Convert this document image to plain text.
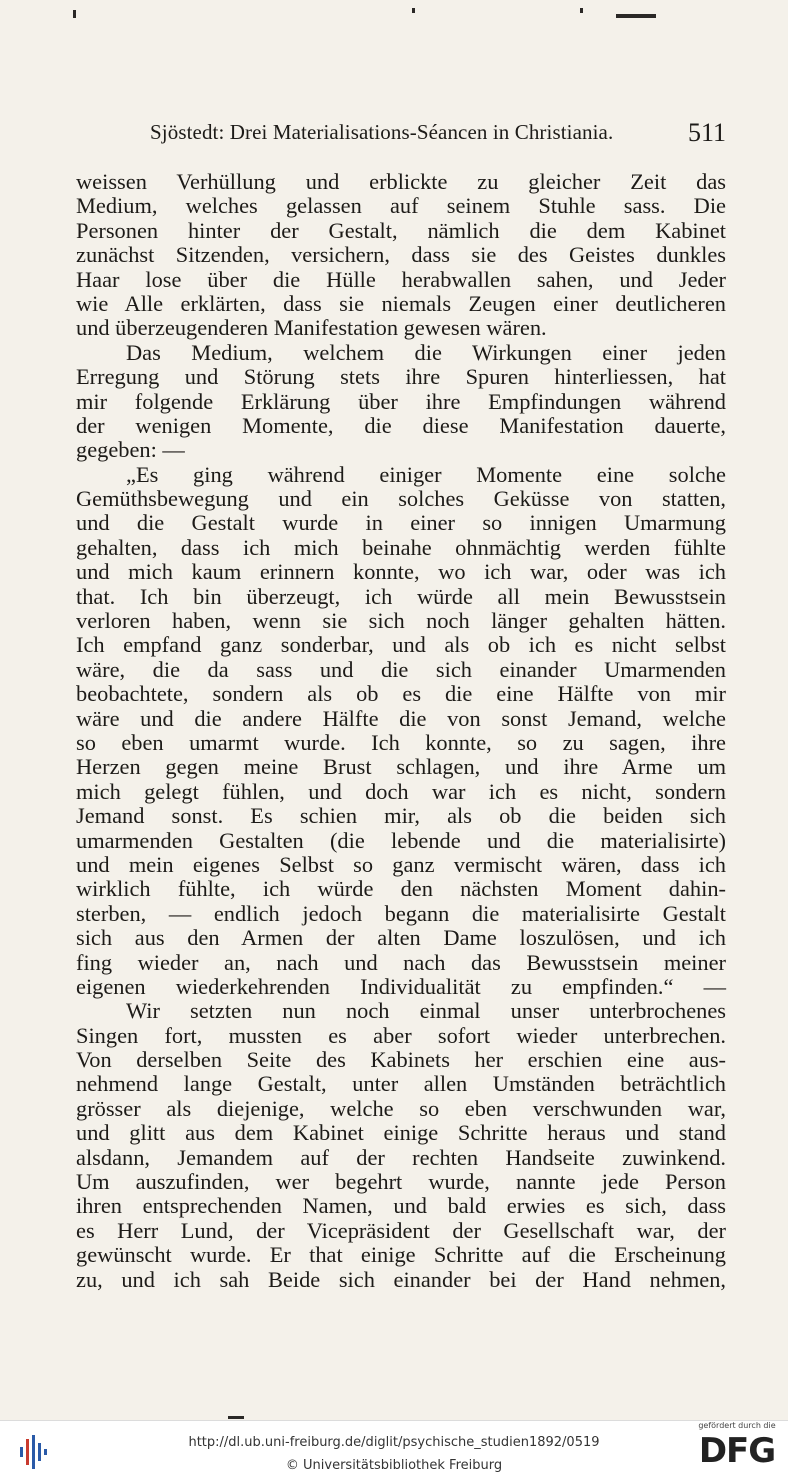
Sjöstedt: Drei Materialisations-Séancen in Christiania.	511
weissen Verhüllung und erblickte zu gleicher Zeit das
Medium, welches gelassen auf seinem Stuhle sass. Die
Personen hinter der Gestalt, nämlich die dem Kabinet
zunächst Sitzenden, versichern, dass sie des Geistes dunkles
Haar lose über die Hülle herabwallen sahen, und Jeder
wie Alle erklärten, dass sie niemals Zeugen einer deutlicheren
und überzeugenderen Manifestation gewesen wären.
Das Medium, welchem die Wirkungen einer jeden
Erregung und Störung stets ihre Spuren hinterliessen, hat
mir folgende Erklärung über ihre Empfindungen während
der wenigen Momente, die diese Manifestation dauerte,
gegeben: —
„Es ging während einiger Momente eine solche
Gemüthsbewegung und ein solches Geküsse von statten,
und die Gestalt wurde in einer so innigen Umarmung
gehalten, dass ich mich beinahe ohnmächtig werden fühlte
und mich kaum erinnern konnte, wo ich war, oder was ich
that. Ich bin überzeugt, ich würde all mein Bewusstsein
verloren haben, wenn sie sich noch länger gehalten hätten.
Ich empfand ganz sonderbar, und als ob ich es nicht selbst
wäre, die da sass und die sich einander Umarmenden
beobachtete, sondern als ob es die eine Hälfte von mir
wäre und die andere Hälfte die von sonst Jemand, welche
so eben umarmt wurde. Ich konnte, so zu sagen, ihre
Herzen gegen meine Brust schlagen, und ihre Arme um
mich gelegt fühlen, und doch war ich es nicht, sondern
Jemand sonst. Es schien mir, als ob die beiden sich
umarmenden Gestalten (die lebende und die materialisirte)
und mein eigenes Selbst so ganz vermischt wären, dass ich
wirklich fühlte, ich würde den nächsten Moment dahin-
sterben, — endlich jedoch begann die materialisirte Gestalt
sich aus den Armen der alten Dame loszulösen, und ich
fing wieder an, nach und nach das Bewusstsein meiner
eigenen wiederkehrenden Individualität zu empfinden.“ —
Wir setzten nun noch einmal unser unterbrochenes
Singen fort, mussten es aber sofort wieder unterbrechen.
Von derselben Seite des Kabinets her erschien eine aus-
nehmend lange Gestalt, unter allen Umständen beträchtlich
grösser als diejenige, welche so eben verschwunden war,
und glitt aus dem Kabinet einige Schritte heraus und stand
alsdann, Jemandem auf der rechten Handseite zuwinkend.
Um auszufinden, wer begehrt wurde, nannte jede Person
ihren entsprechenden Namen, und bald erwies es sich, dass
es Herr Lund, der Vicepräsident der Gesellschaft war, der
gewünscht wurde. Er that einige Schritte auf die Erscheinung
zu, und ich sah Beide sich einander bei der Hand nehmen,
http://dl.ub.uni-freiburg.de/diglit/psychische_studien1892/0519
© Universitätsbibliothek Freiburg
gefördert durch die
DFG
